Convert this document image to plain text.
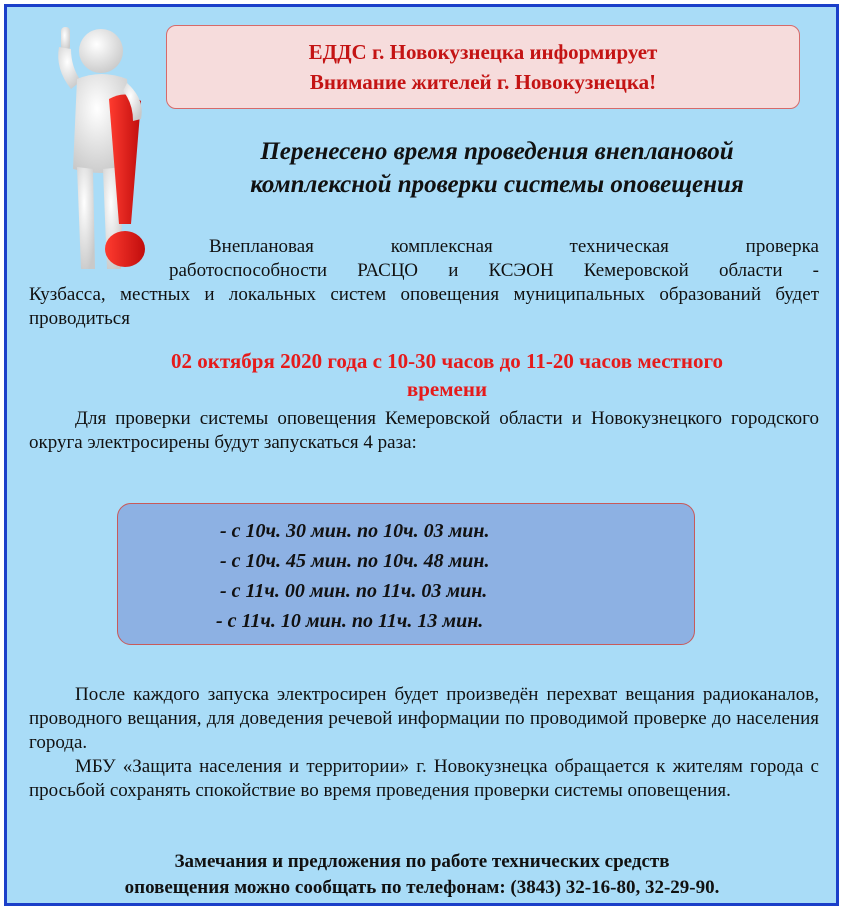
ЕДДС г. Новокузнецка информирует
Внимание жителей г. Новокузнецка!
Перенесено время проведения внеплановой
комплексной проверки системы оповещения
Внеплановая комплексная техническая проверка
работоспособности РАСЦО и КСЭОН Кемеровской области -
Кузбасса, местных и локальных систем оповещения муниципальных образований будет проводиться
02 октября 2020 года с 10-30 часов до 11-20 часов местного
времени
Для проверки системы оповещения Кемеровской области и Новокузнецкого городского округа электросирены будут запускаться 4 раза:
- с 10ч. 30 мин. по 10ч. 03 мин.
- с 10ч. 45 мин. по 10ч. 48 мин.
- с 11ч. 00 мин. по 11ч. 03 мин.
- с 11ч. 10 мин. по 11ч. 13 мин.
После каждого запуска электросирен будет произведён перехват вещания радиоканалов, проводного вещания, для доведения речевой информации по проводимой проверке до населения города.
МБУ «Защита населения и территории» г. Новокузнецка обращается к жителям города с просьбой сохранять спокойствие во время проведения проверки системы оповещения.
Замечания и предложения по работе технических средств
оповещения можно сообщать по телефонам: (3843) 32-16-80, 32-29-90.
